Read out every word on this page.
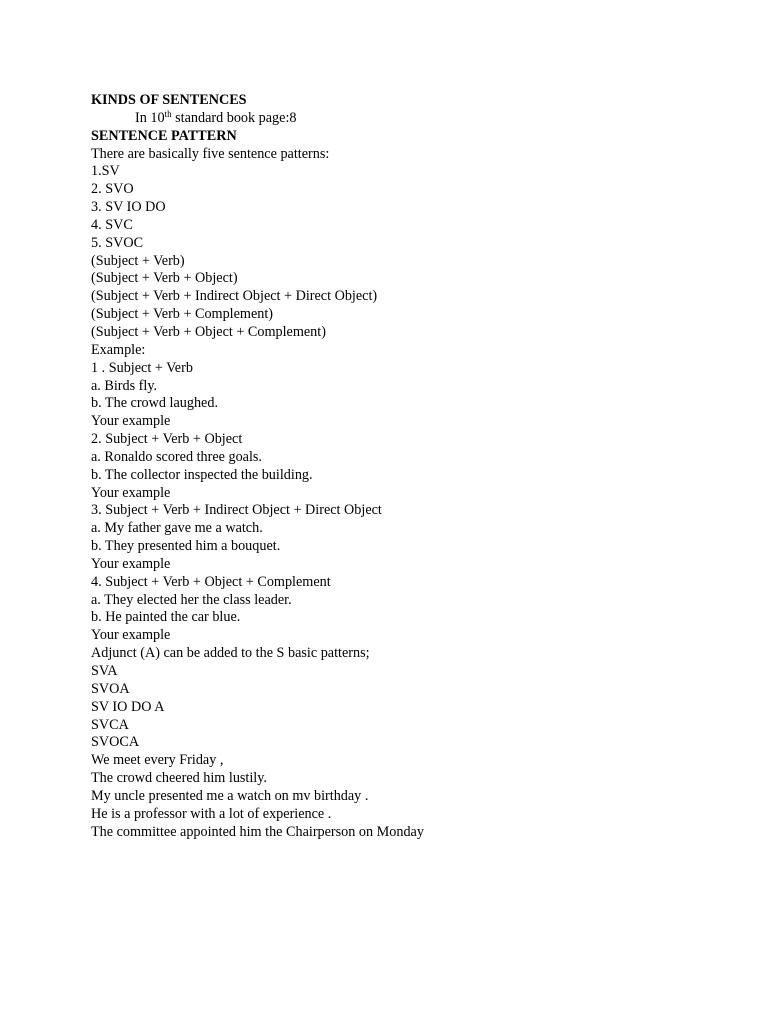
KINDS OF SENTENCES
In 10th standard book page:8
SENTENCE PATTERN
There are basically five sentence patterns:
1.SV
2. SVO
3. SV IO DO
4. SVC
5. SVOC
(Subject + Verb)
(Subject + Verb + Object)
(Subject + Verb + Indirect Object + Direct Object)
(Subject + Verb + Complement)
(Subject + Verb + Object + Complement)
Example:
1 . Subject + Verb
a. Birds fly.
b. The crowd laughed.
Your example
2. Subject + Verb + Object
a. Ronaldo scored three goals.
b. The collector inspected the building.
Your example
3. Subject + Verb + Indirect Object + Direct Object
a. My father gave me a watch.
b. They presented him a bouquet.
Your example
4. Subject + Verb + Object + Complement
a. They elected her the class leader.
b. He painted the car blue.
Your example
Adjunct (A) can be added to the S basic patterns;
SVA
SVOA
SV IO DO A
SVCA
SVOCA
We meet every Friday ,
The crowd cheered him lustily.
My uncle presented me a watch on mv birthday .
He is a professor with a lot of experience .
The committee appointed him the Chairperson on Monday
